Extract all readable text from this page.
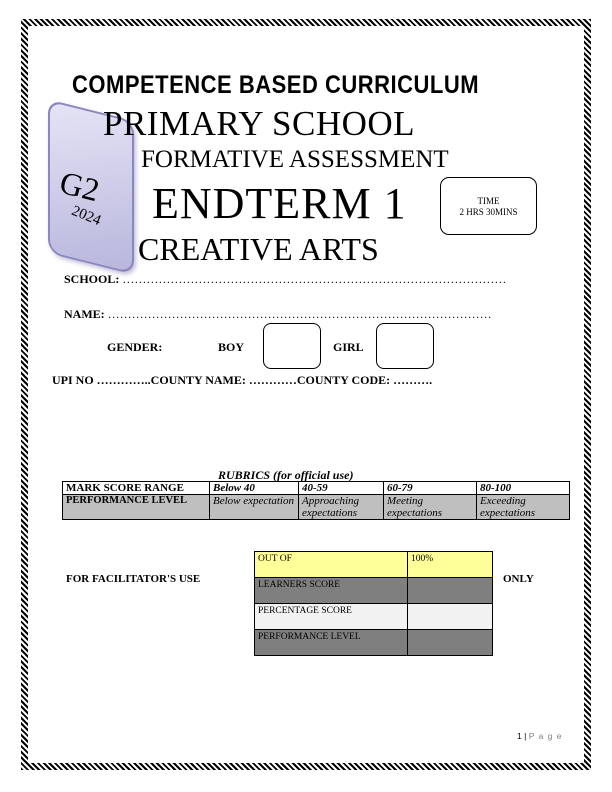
COMPETENCE BASED CURRICULUM
G2
2024
PRIMARY SCHOOL
FORMATIVE ASSESSMENT
ENDTERM 1
CREATIVE ARTS
TIME
2 HRS 30MINS
SCHOOL: ……………………………………………………………………………………
NAME: ……………………………………………………………………………………
GENDER:	BOY	GIRL
UPI NO …………..COUNTY NAME: …………COUNTY CODE: ……….
RUBRICS (for official use)
MARK SCORE RANGE	Below 40	40-59	60-79	80-100
PERFORMANCE LEVEL	Below expectation	Approaching expectations	Meeting expectations	Exceeding expectations
FOR FACILITATOR'S USE	ONLY
OUT OF	100%
LEARNERS SCORE	
PERCENTAGE SCORE	
PERFORMANCE LEVEL	
1 | P a g e
